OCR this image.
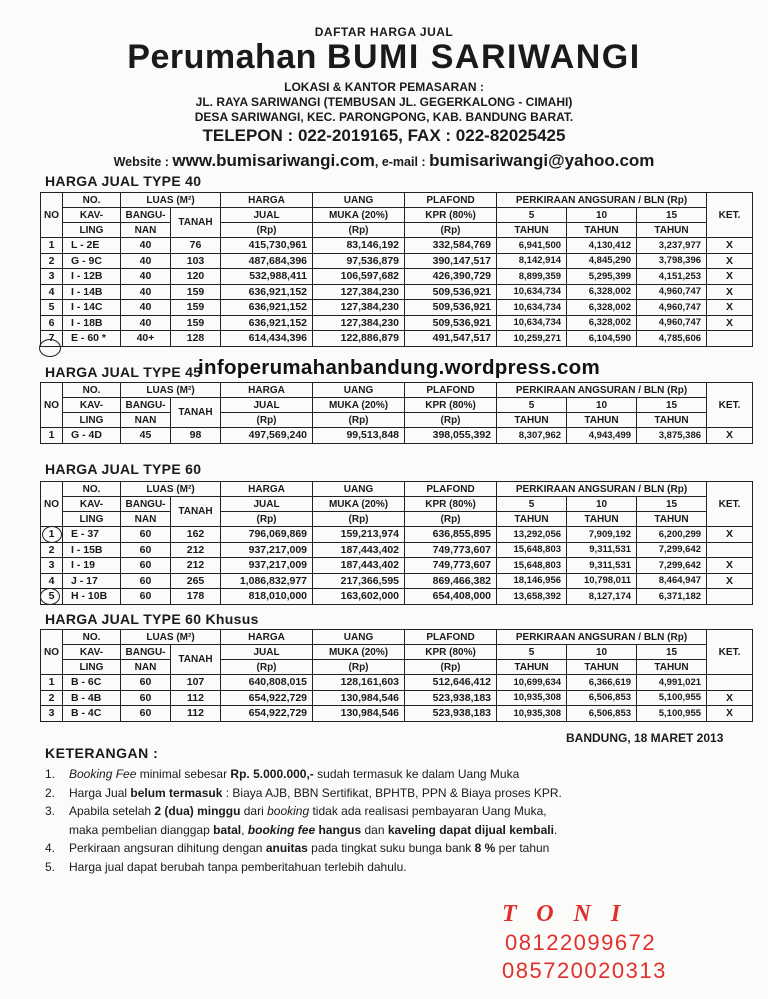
DAFTAR HARGA JUAL
Perumahan BUMI SARIWANGI
LOKASI & KANTOR PEMASARAN :
JL. RAYA SARIWANGI (TEMBUSAN JL. GEGERKALONG - CIMAHI)
DESA SARIWANGI, KEC. PARONGPONG, KAB. BANDUNG BARAT.
TELEPON : 022-2019165, FAX : 022-82025425
Website : www.bumisariwangi.com, e-mail : bumisariwangi@yahoo.com
HARGA JUAL TYPE 40
HARGA JUAL TYPE 45
HARGA JUAL TYPE 60
HARGA JUAL TYPE 60 Khusus
NO	NO.	LUAS (M²)		HARGA	UANG	PLAFOND	PERKIRAAN ANGSURAN / BLN (Rp)			KET.
	KAV-	BANGU-	TANAH	JUAL	MUKA (20%)	KPR (80%)	5	10	15	
	LING	NAN		(Rp)	(Rp)	(Rp)	TAHUN	TAHUN	TAHUN	
1	L - 2E	40	76	415,730,961	83,146,192	332,584,769	6,941,500	4,130,412	3,237,977	X
2	G - 9C	40	103	487,684,396	97,536,879	390,147,517	8,142,914	4,845,290	3,798,396	X
3	I - 12B	40	120	532,988,411	106,597,682	426,390,729	8,899,359	5,295,399	4,151,253	X
4	I - 14B	40	159	636,921,152	127,384,230	509,536,921	10,634,734	6,328,002	4,960,747	X
5	I - 14C	40	159	636,921,152	127,384,230	509,536,921	10,634,734	6,328,002	4,960,747	X
6	I - 18B	40	159	636,921,152	127,384,230	509,536,921	10,634,734	6,328,002	4,960,747	X
7	E - 60 *	40+	128	614,434,396	122,886,879	491,547,517	10,259,271	6,104,590	4,785,606	
NO	NO.	LUAS (M²)		HARGA	UANG	PLAFOND	PERKIRAAN ANGSURAN / BLN (Rp)			KET.
	KAV-	BANGU-	TANAH	JUAL	MUKA (20%)	KPR (80%)	5	10	15	
	LING	NAN		(Rp)	(Rp)	(Rp)	TAHUN	TAHUN	TAHUN	
1	G - 4D	45	98	497,569,240	99,513,848	398,055,392	8,307,962	4,943,499	3,875,386	X
NO	NO.	LUAS (M²)		HARGA	UANG	PLAFOND	PERKIRAAN ANGSURAN / BLN (Rp)			KET.
	KAV-	BANGU-	TANAH	JUAL	MUKA (20%)	KPR (80%)	5	10	15	
	LING	NAN		(Rp)	(Rp)	(Rp)	TAHUN	TAHUN	TAHUN	
1	E - 37	60	162	796,069,869	159,213,974	636,855,895	13,292,056	7,909,192	6,200,299	X
2	I - 15B	60	212	937,217,009	187,443,402	749,773,607	15,648,803	9,311,531	7,299,642	
3	I - 19	60	212	937,217,009	187,443,402	749,773,607	15,648,803	9,311,531	7,299,642	X
4	J - 17	60	265	1,086,832,977	217,366,595	869,466,382	18,146,956	10,798,011	8,464,947	X
5	H - 10B	60	178	818,010,000	163,602,000	654,408,000	13,658,392	8,127,174	6,371,182	
NO	NO.	LUAS (M²)		HARGA	UANG	PLAFOND	PERKIRAAN ANGSURAN / BLN (Rp)			KET.
	KAV-	BANGU-	TANAH	JUAL	MUKA (20%)	KPR (80%)	5	10	15	
	LING	NAN		(Rp)	(Rp)	(Rp)	TAHUN	TAHUN	TAHUN	
1	B - 6C	60	107	640,808,015	128,161,603	512,646,412	10,699,634	6,366,619	4,991,021	
2	B - 4B	60	112	654,922,729	130,984,546	523,938,183	10,935,308	6,506,853	5,100,955	X
3	B - 4C	60	112	654,922,729	130,984,546	523,938,183	10,935,308	6,506,853	5,100,955	X
infoperumahanbandung.wordpress.com
BANDUNG, 18 MARET 2013
KETERANGAN :
1. Booking Fee minimal sebesar Rp. 5.000.000,- sudah termasuk ke dalam Uang Muka
2. Harga Jual belum termasuk : Biaya AJB, BBN Sertifikat, BPHTB, PPN & Biaya proses KPR.
3. Apabila setelah 2 (dua) minggu dari booking tidak ada realisasi pembayaran Uang Muka,
maka pembelian dianggap batal, booking fee hangus dan kaveling dapat dijual kembali.
4. Perkiraan angsuran dihitung dengan anuitas pada tingkat suku bunga bank 8 % per tahun
5. Harga jual dapat berubah tanpa pemberitahuan terlebih dahulu.
TONI
08122099672
085720020313
